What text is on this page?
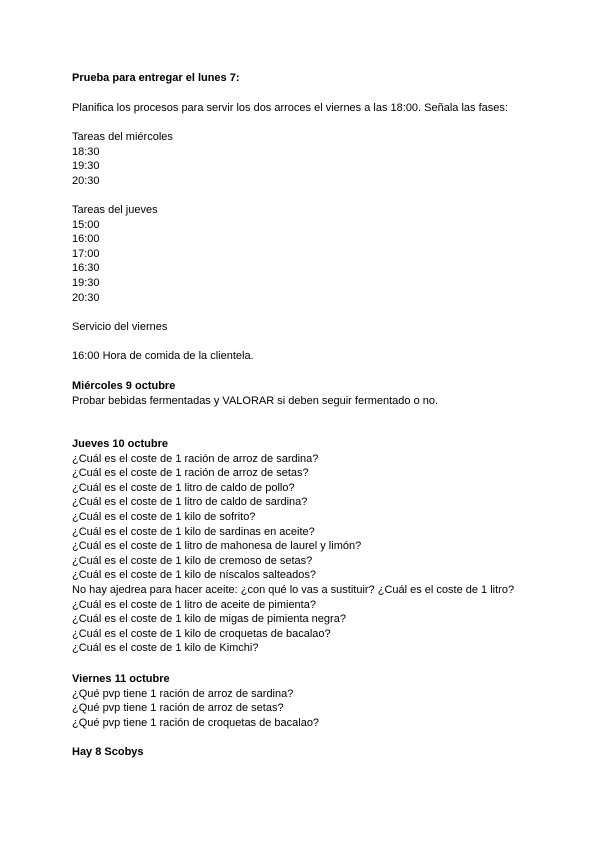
Prueba para entregar el lunes 7:
Planifica los procesos para servir los dos arroces el viernes a las 18:00. Señala las fases:
Tareas del miércoles
18:30
19:30
20:30
Tareas del jueves
15:00
16:00
17:00
16:30
19:30
20:30
Servicio del viernes
16:00 Hora de comida de la clientela.
Miércoles 9 octubre
Probar bebidas fermentadas y VALORAR si deben seguir fermentado o no.
Jueves 10 octubre
¿Cuál es el coste de 1 ración de arroz de sardina?
¿Cuál es el coste de 1 ración de arroz de setas?
¿Cuál es el coste de 1 litro de caldo de pollo?
¿Cuál es el coste de 1 litro de caldo de sardina?
¿Cuál es el coste de 1 kilo de sofrito?
¿Cuál es el coste de 1 kilo de sardinas en aceite?
¿Cuál es el coste de 1 litro de mahonesa de laurel y limón?
¿Cuál es el coste de 1 kilo de cremoso de setas?
¿Cuál es el coste de 1 kilo de níscalos salteados?
No hay ajedrea para hacer aceite: ¿con qué lo vas a sustituir? ¿Cuál es el coste de 1 litro?
¿Cuál es el coste de 1 litro de aceite de pimienta?
¿Cuál es el coste de 1 kilo de migas de pimienta negra?
¿Cuál es el coste de 1 kilo de croquetas de bacalao?
¿Cuál es el coste de 1 kilo de Kimchi?
Viernes 11 octubre
¿Qué pvp tiene 1 ración de arroz de sardina?
¿Qué pvp tiene 1 ración de arroz de setas?
¿Qué pvp tiene 1 ración de croquetas de bacalao?
Hay 8 Scobys
